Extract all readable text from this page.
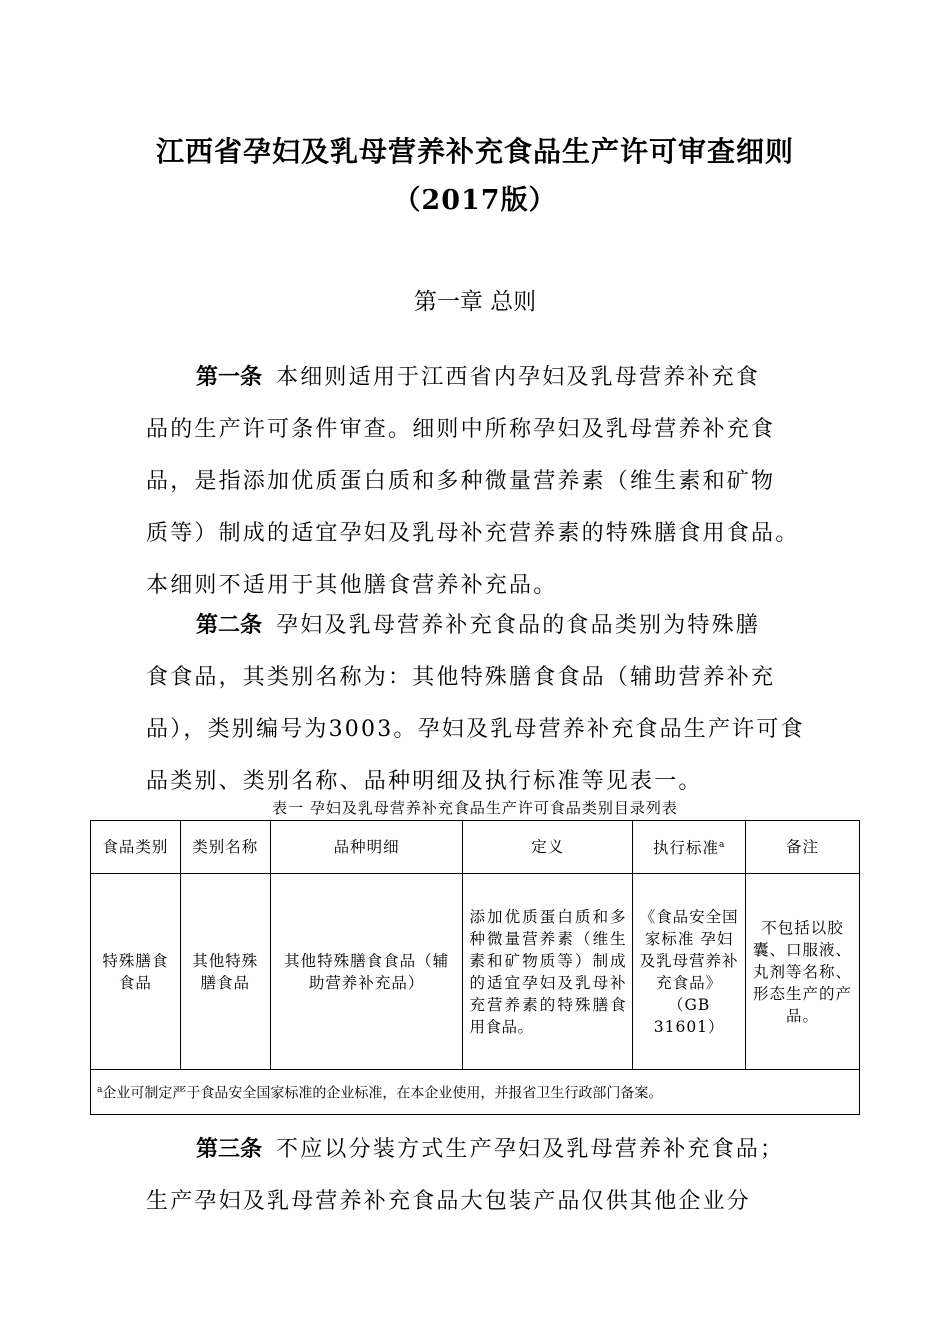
江西省孕妇及乳母营养补充食品生产许可审查细则
（2017版）
第一章 总则
第一条 本细则适用于江西省内孕妇及乳母营养补充食
品的生产许可条件审查。细则中所称孕妇及乳母营养补充食
品，是指添加优质蛋白质和多种微量营养素（维生素和矿物
质等）制成的适宜孕妇及乳母补充营养素的特殊膳食用食品。
本细则不适用于其他膳食营养补充品。
第二条 孕妇及乳母营养补充食品的食品类别为特殊膳
食食品，其类别名称为：其他特殊膳食食品（辅助营养补充
品），类别编号为3003。孕妇及乳母营养补充食品生产许可食
品类别、类别名称、品种明细及执行标准等见表一。
表一 孕妇及乳母营养补充食品生产许可食品类别目录列表
食品类别	类别名称	品种明细	定义	执行标准$^a$	备注
特殊膳食食品	其他特殊膳食品	其他特殊膳食食品（辅助营养补充品）	添加优质蛋白质和多种微量营养素（维生素和矿物质等）制成的适宜孕妇及乳母补充营养素的特殊膳食用食品。	《食品安全国家标准 孕妇及乳母营养补充食品》（GB 31601）	不包括以胶囊、口服液、丸剂等名称、形态生产的产品。
$^a$企业可制定严于食品安全国家标准的企业标准，在本企业使用，并报省卫生行政部门备案。					
第三条 不应以分装方式生产孕妇及乳母营养补充食品；
生产孕妇及乳母营养补充食品大包装产品仅供其他企业分
